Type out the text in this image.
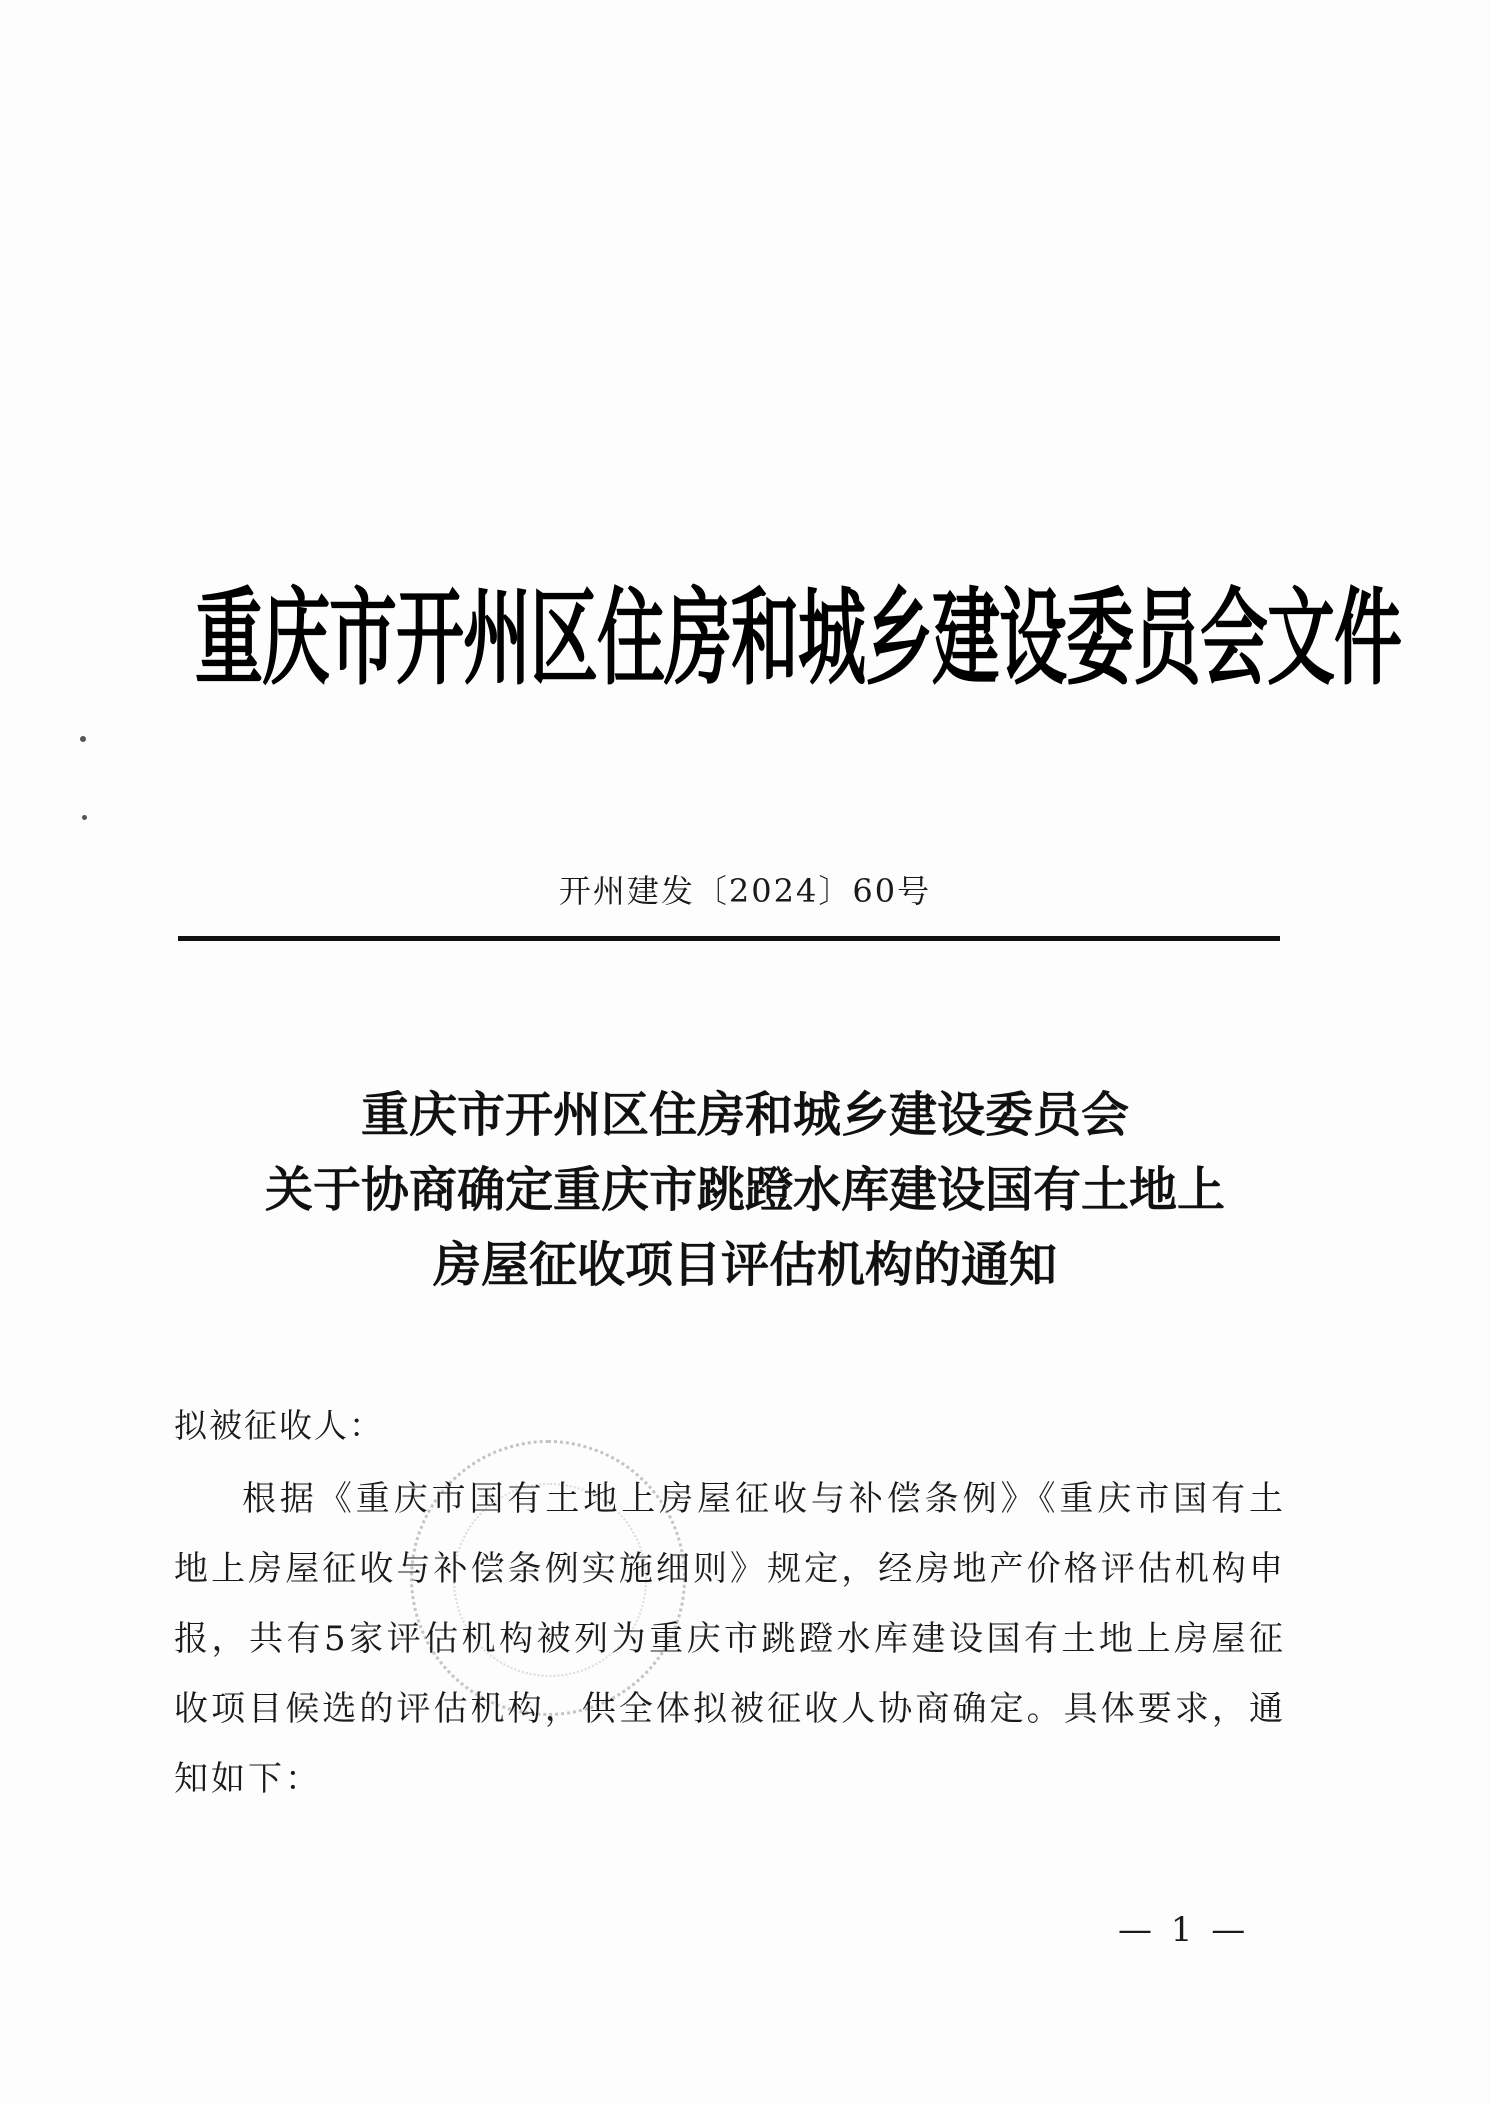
重庆市开州区住房和城乡建设委员会文件
开州建发〔2024〕60号
重庆市开州区住房和城乡建设委员会
关于协商确定重庆市跳蹬水库建设国有土地上
房屋征收项目评估机构的通知
拟被征收人：
根据《重庆市国有土地上房屋征收与补偿条例》《重庆市国有土地上房屋征收与补偿条例实施细则》规定，经房地产价格评估机构申报，共有5家评估机构被列为重庆市跳蹬水库建设国有土地上房屋征收项目候选的评估机构，供全体拟被征收人协商确定。具体要求，通知如下：
— 1 —
